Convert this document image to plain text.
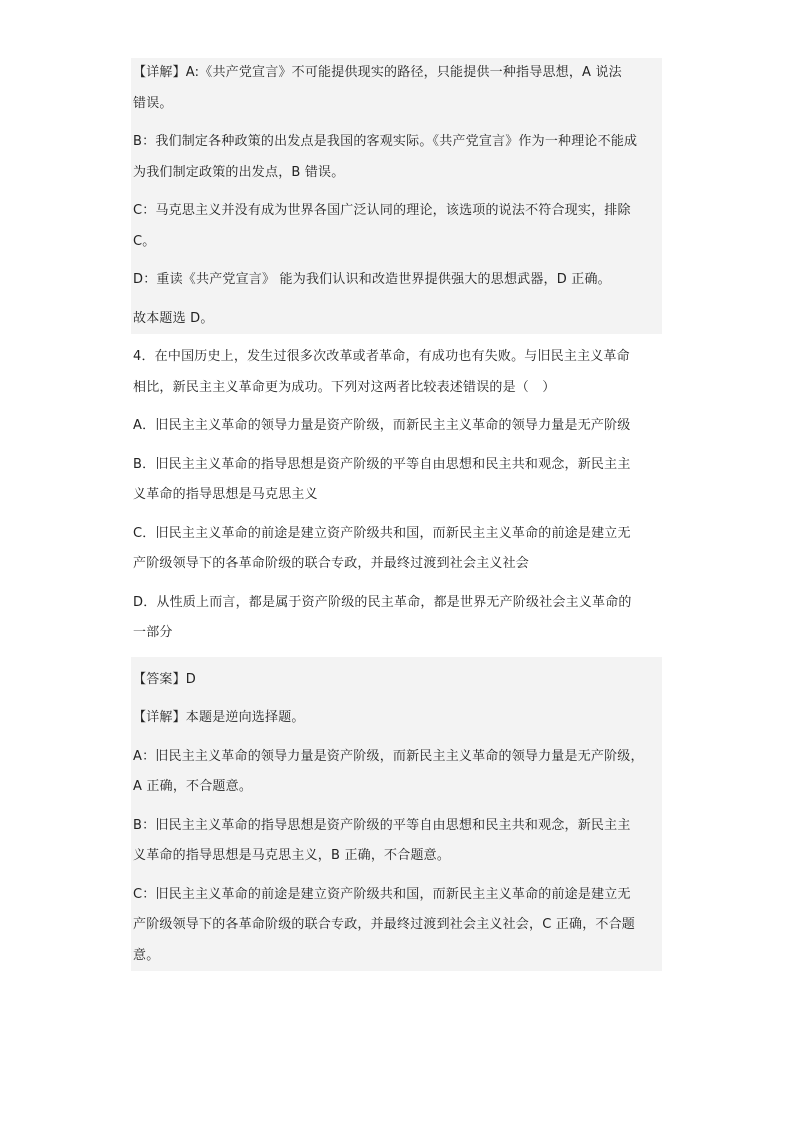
【详解】A:《共产党宣言》不可能提供现实的路径，只能提供一种指导思想，A 说法
错误。
B：我们制定各种政策的出发点是我国的客观实际。《共产党宣言》作为一种理论不能成
为我们制定政策的出发点，B 错误。
C：马克思主义并没有成为世界各国广泛认同的理论，该选项的说法不符合现实，排除
C。
D：重读《共产党宣言》 能为我们认识和改造世界提供强大的思想武器，D 正确。
故本题选 D。
4．在中国历史上，发生过很多次改革或者革命，有成功也有失败。与旧民主主义革命
相比，新民主主义革命更为成功。下列对这两者比较表述错误的是（　）
A．旧民主主义革命的领导力量是资产阶级，而新民主主义革命的领导力量是无产阶级
B．旧民主主义革命的指导思想是资产阶级的平等自由思想和民主共和观念，新民主主
义革命的指导思想是马克思主义
C．旧民主主义革命的前途是建立资产阶级共和国，而新民主主义革命的前途是建立无
产阶级领导下的各革命阶级的联合专政，并最终过渡到社会主义社会
D．从性质上而言，都是属于资产阶级的民主革命，都是世界无产阶级社会主义革命的
一部分
【答案】D
【详解】本题是逆向选择题。
A：旧民主主义革命的领导力量是资产阶级，而新民主主义革命的领导力量是无产阶级，
A 正确，不合题意。
B：旧民主主义革命的指导思想是资产阶级的平等自由思想和民主共和观念，新民主主
义革命的指导思想是马克思主义，B 正确，不合题意。
C：旧民主主义革命的前途是建立资产阶级共和国，而新民主主义革命的前途是建立无
产阶级领导下的各革命阶级的联合专政，并最终过渡到社会主义社会，C 正确，不合题
意。
